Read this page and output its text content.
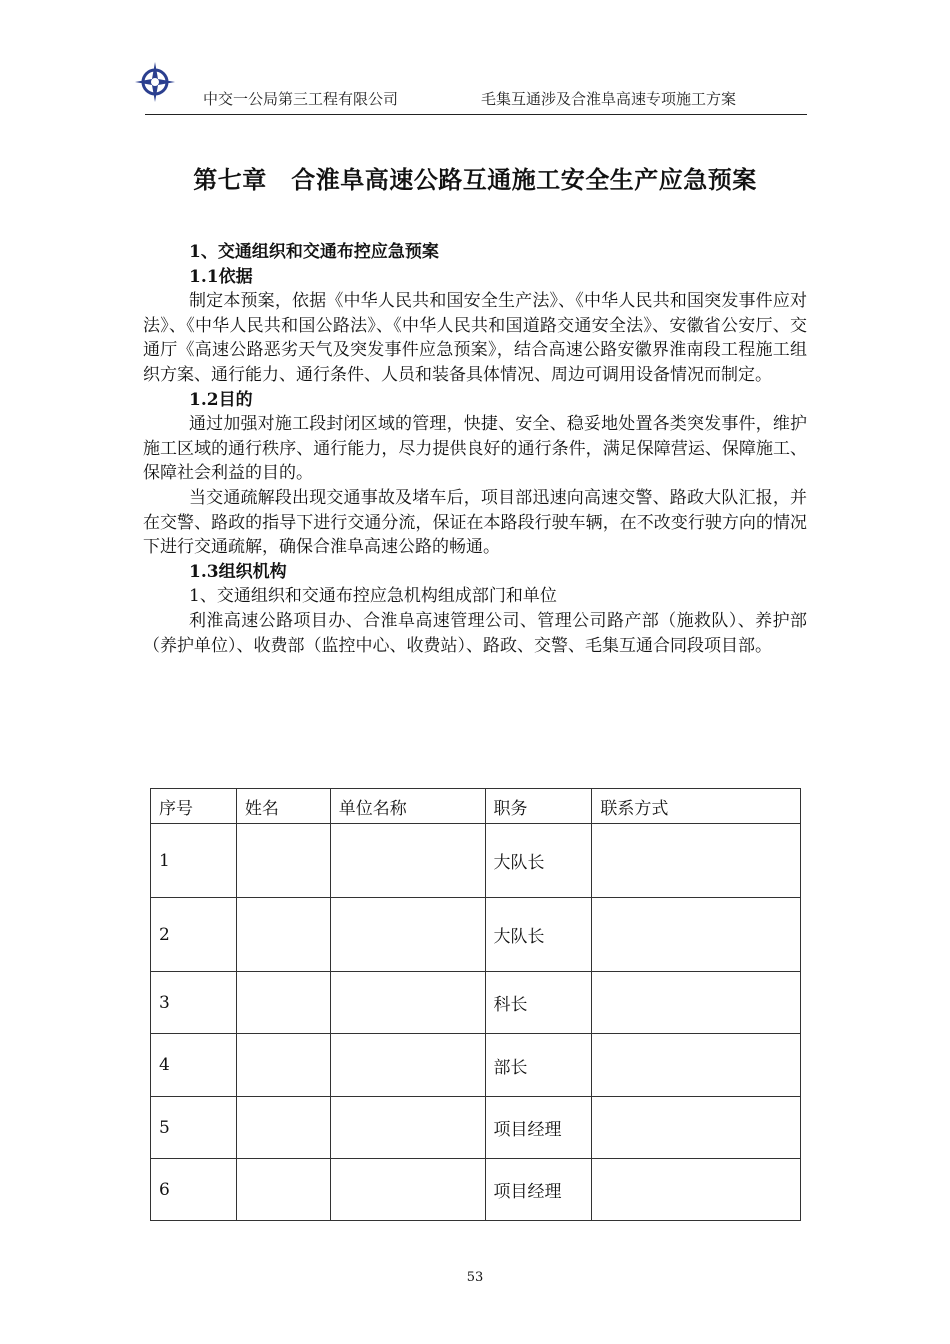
中交一公局第三工程有限公司	毛集互通涉及合淮阜高速专项施工方案
第七章　合淮阜高速公路互通施工安全生产应急预案

1、交通组织和交通布控应急预案

1.1依据

制定本预案，依据《中华人民共和国安全生产法》、《中华人民共和国突发事件应对法》、《中华人民共和国公路法》、《中华人民共和国道路交通安全法》、安徽省公安厅、交通厅《高速公路恶劣天气及突发事件应急预案》，结合高速公路安徽界淮南段工程施工组织方案、通行能力、通行条件、人员和装备具体情况、周边可调用设备情况而制定。

1.2目的

通过加强对施工段封闭区域的管理，快捷、安全、稳妥地处置各类突发事件，维护施工区域的通行秩序、通行能力，尽力提供良好的通行条件，满足保障营运、保障施工、保障社会利益的目的。

当交通疏解段出现交通事故及堵车后，项目部迅速向高速交警、路政大队汇报，并在交警、路政的指导下进行交通分流，保证在本路段行驶车辆，在不改变行驶方向的情况下进行交通疏解，确保合淮阜高速公路的畅通。

1.3组织机构

1、交通组织和交通布控应急机构组成部门和单位

利淮高速公路项目办、合淮阜高速管理公司、管理公司路产部（施救队）、养护部（养护单位）、收费部（监控中心、收费站）、路政、交警、毛集互通合同段项目部。

序号	姓名	单位名称	职务	联系方式
1			大队长	
2			大队长	
3			科长	
4			部长	
5			项目经理	
6			项目经理	
53
